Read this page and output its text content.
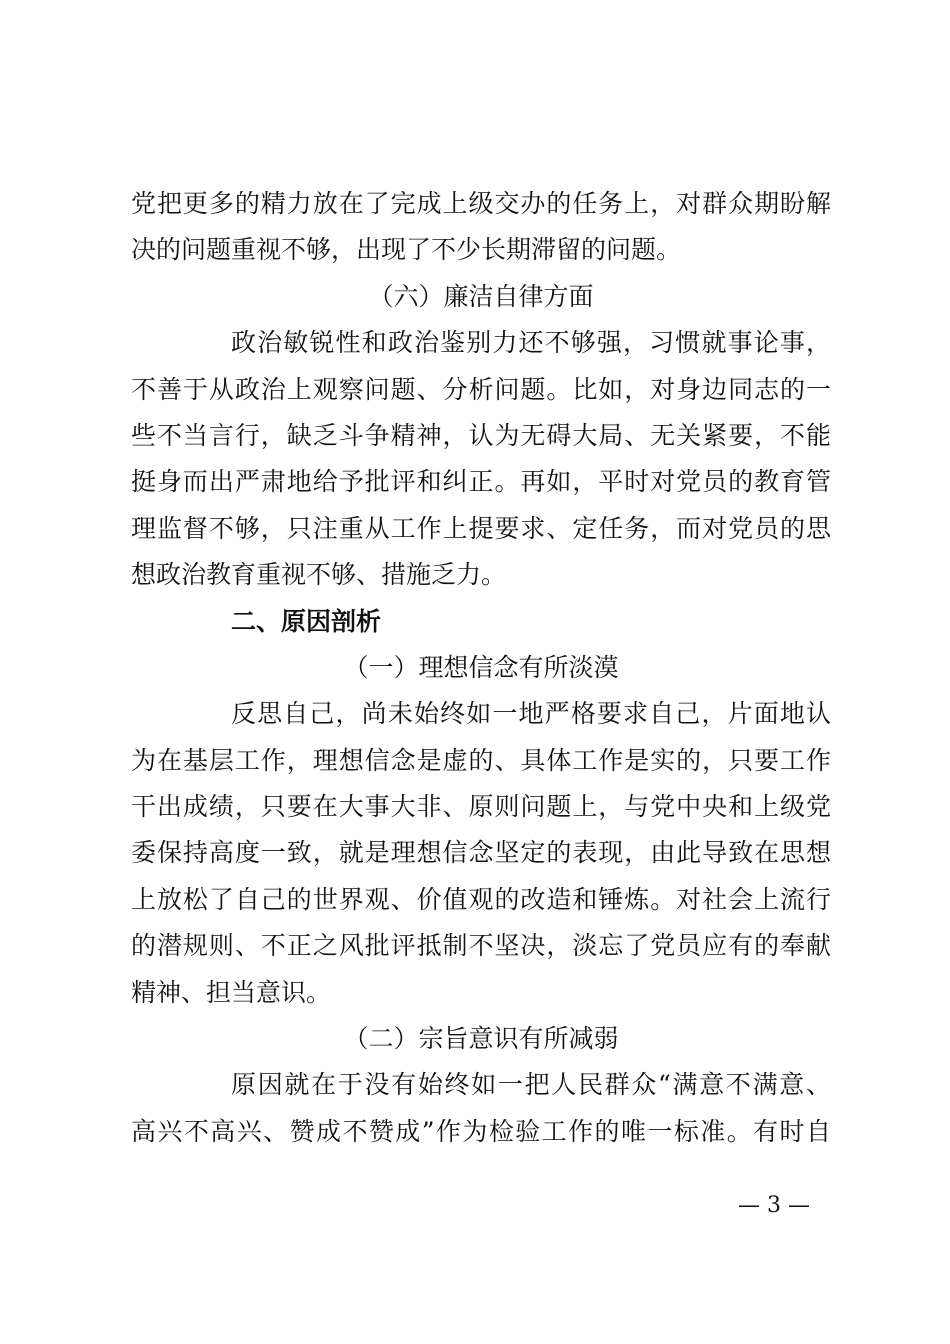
党把更多的精力放在了完成上级交办的任务上，对群众期盼解
决的问题重视不够，出现了不少长期滞留的问题。
（六）廉洁自律方面
政治敏锐性和政治鉴别力还不够强，习惯就事论事，
不善于从政治上观察问题、分析问题。比如，对身边同志的一
些不当言行，缺乏斗争精神，认为无碍大局、无关紧要，不能
挺身而出严肃地给予批评和纠正。再如，平时对党员的教育管
理监督不够，只注重从工作上提要求、定任务，而对党员的思
想政治教育重视不够、措施乏力。
二、原因剖析
（一）理想信念有所淡漠
反思自己，尚未始终如一地严格要求自己，片面地认
为在基层工作，理想信念是虚的、具体工作是实的，只要工作
干出成绩，只要在大事大非、原则问题上，与党中央和上级党
委保持高度一致，就是理想信念坚定的表现，由此导致在思想
上放松了自己的世界观、价值观的改造和锤炼。对社会上流行
的潜规则、不正之风批评抵制不坚决，淡忘了党员应有的奉献
精神、担当意识。
（二）宗旨意识有所减弱
原因就在于没有始终如一把人民群众“满意不满意、
高兴不高兴、赞成不赞成”作为检验工作的唯一标准。有时自
— 3 —
